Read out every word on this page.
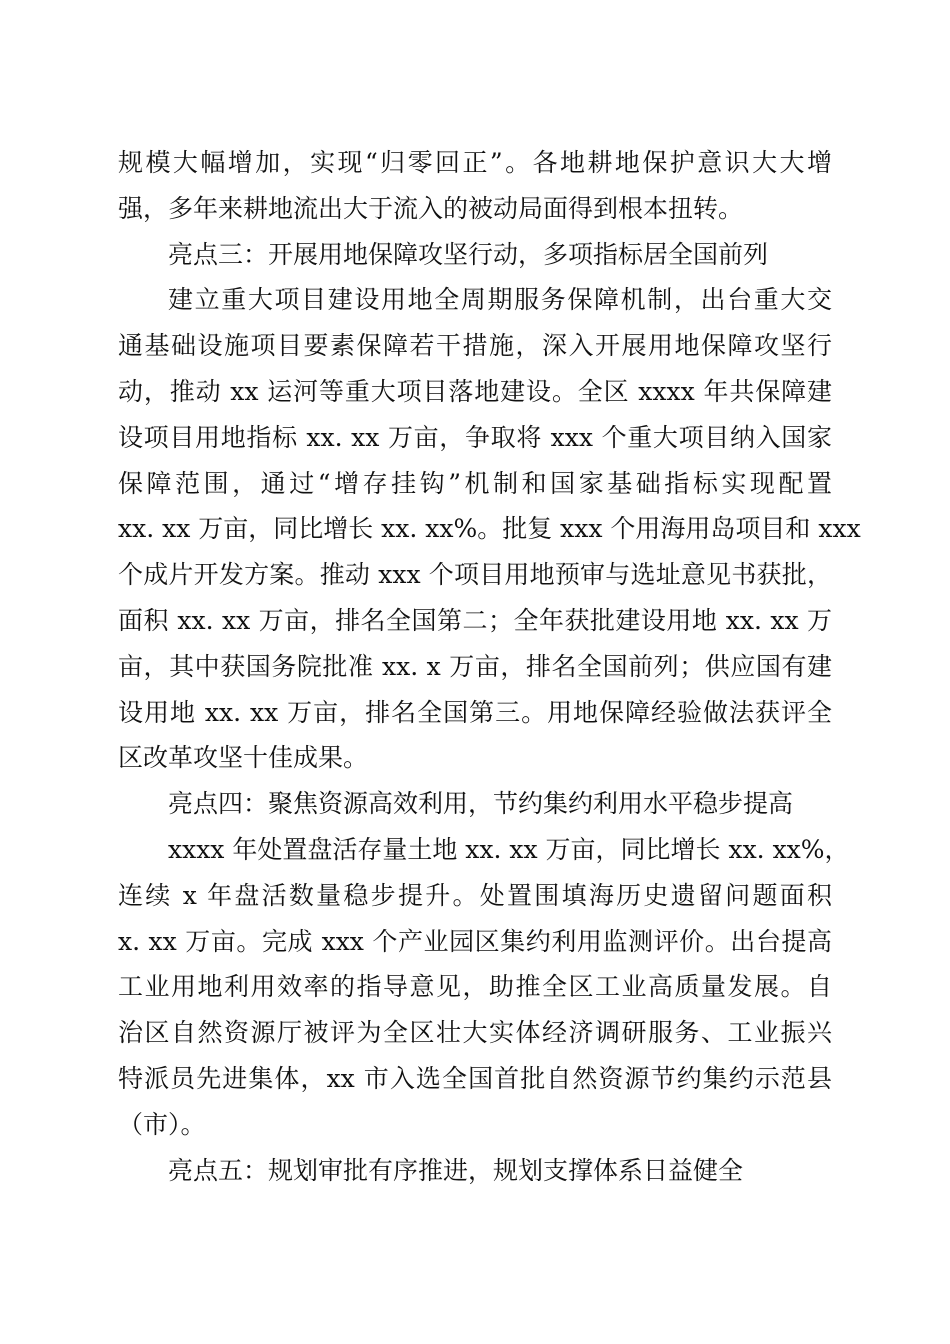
规模大幅增加，实现“归零回正”。各地耕地保护意识大大增
强，多年来耕地流出大于流入的被动局面得到根本扭转。
亮点三：开展用地保障攻坚行动，多项指标居全国前列
建立重大项目建设用地全周期服务保障机制，出台重大交
通基础设施项目要素保障若干措施，深入开展用地保障攻坚行
动，推动 xx 运河等重大项目落地建设。全区 xxxx 年共保障建
设项目用地指标 xx. xx 万亩，争取将 xxx 个重大项目纳入国家
保障范围，通过“增存挂钩”机制和国家基础指标实现配置
xx. xx 万亩，同比增长 xx. xx%。批复 xxx 个用海用岛项目和 xxx
个成片开发方案。推动 xxx 个项目用地预审与选址意见书获批，
面积 xx. xx 万亩，排名全国第二；全年获批建设用地 xx. xx 万
亩，其中获国务院批准 xx. x 万亩，排名全国前列；供应国有建
设用地 xx. xx 万亩，排名全国第三。用地保障经验做法获评全
区改革攻坚十佳成果。
亮点四：聚焦资源高效利用，节约集约利用水平稳步提高
xxxx 年处置盘活存量土地 xx. xx 万亩，同比增长 xx. xx%，
连续 x 年盘活数量稳步提升。处置围填海历史遗留问题面积
x. xx 万亩。完成 xxx 个产业园区集约利用监测评价。出台提高
工业用地利用效率的指导意见，助推全区工业高质量发展。自
治区自然资源厅被评为全区壮大实体经济调研服务、工业振兴
特派员先进集体，xx 市入选全国首批自然资源节约集约示范县
（市）。
亮点五：规划审批有序推进，规划支撑体系日益健全
